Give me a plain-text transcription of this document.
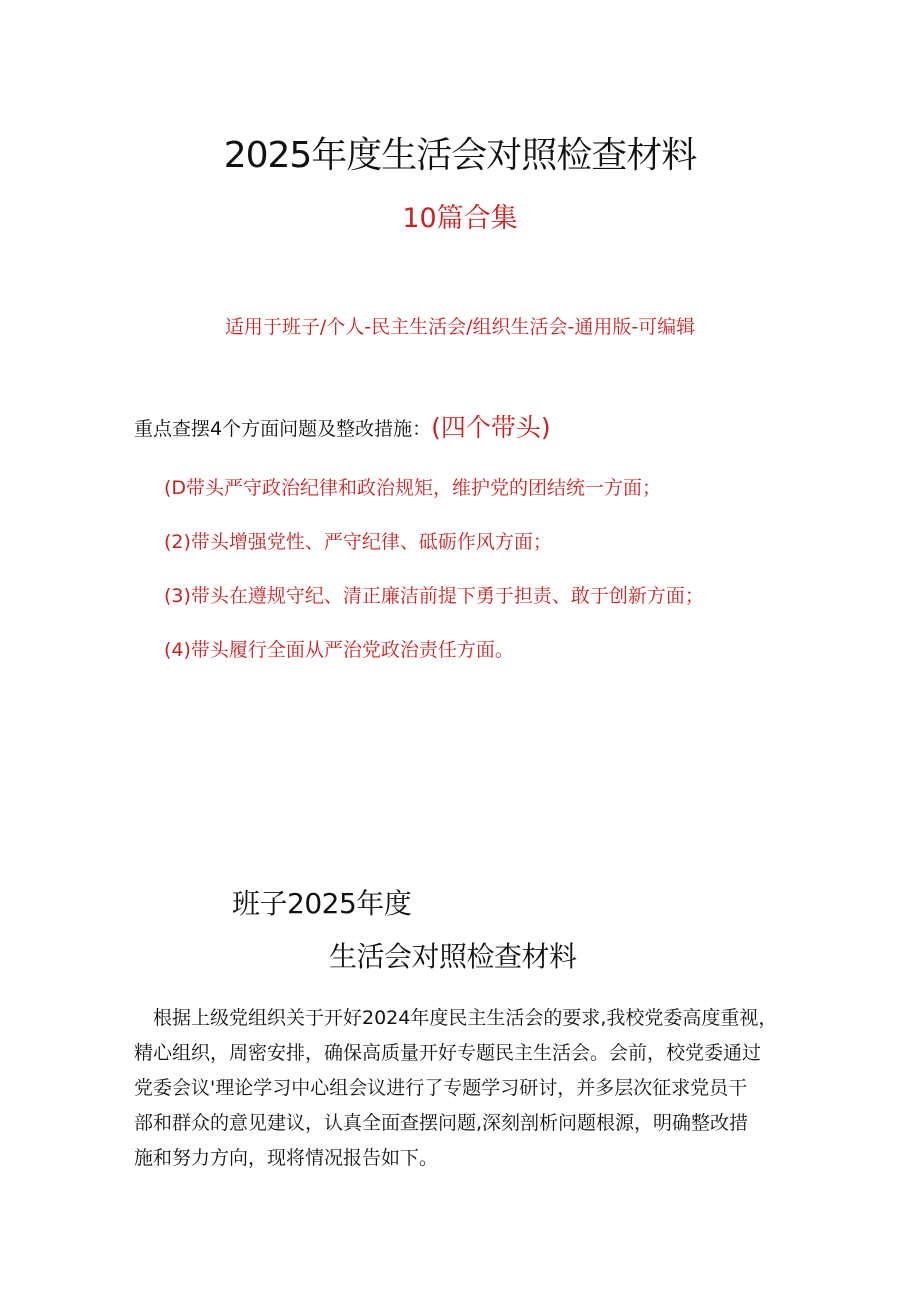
2025年度生活会对照检查材料
10篇合集
适用于班子/个人-民主生活会/组织生活会-通用版-可编辑
重点查摆4个方面问题及整改措施：(四个带头)
(D带头严守政治纪律和政治规矩，维护党的团结统一方面；
(2)带头增强党性、严守纪律、砥砺作风方面；
(3)带头在遵规守纪、清正廉洁前提下勇于担责、敢于创新方面；
(4)带头履行全面从严治党政治责任方面。
班子2025年度
生活会对照检查材料
根据上级党组织关于开好2024年度民主生活会的要求,我校党委高度重视，
精心组织，周密安排，确保高质量开好专题民主生活会。会前，校党委通过
党委会议'理论学习中心组会议进行了专题学习研讨，并多层次征求党员干
部和群众的意见建议，认真全面查摆问题,深刻剖析问题根源，明确整改措
施和努力方向，现将情况报告如下。
